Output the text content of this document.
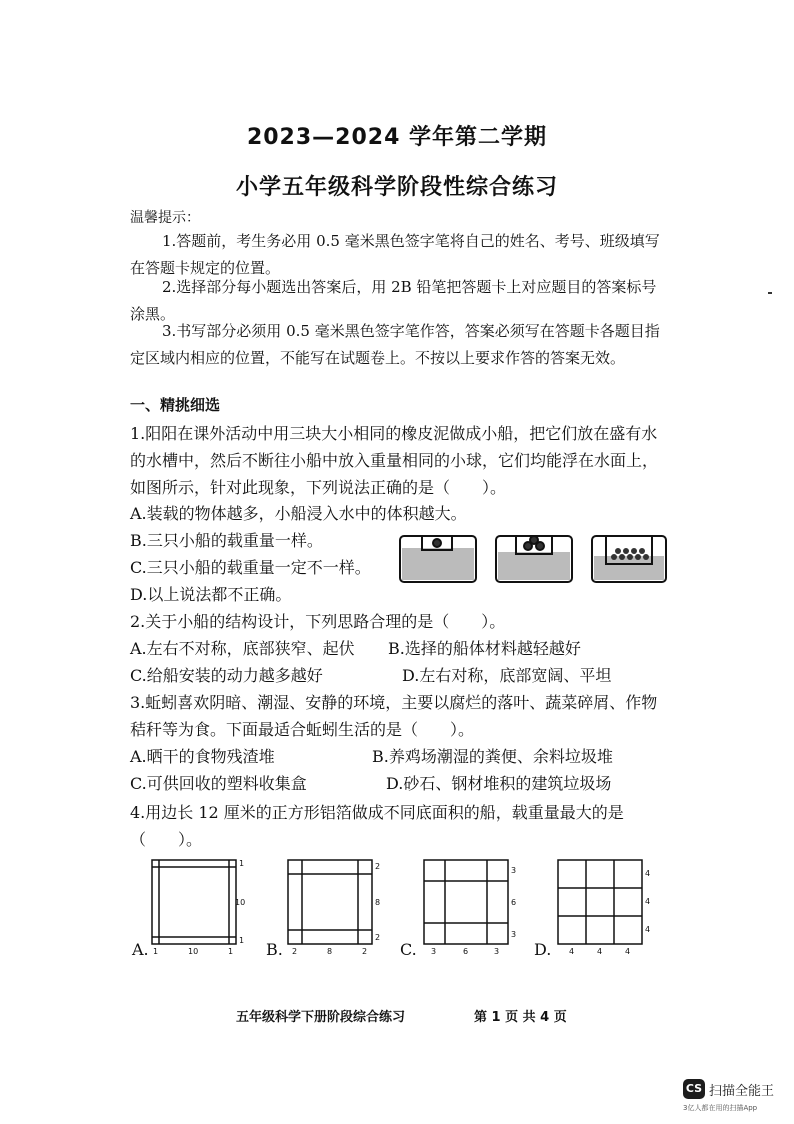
2023—2024 学年第二学期
小学五年级科学阶段性综合练习
温馨提示：
1.答题前，考生务必用 0.5 毫米黑色签字笔将自己的姓名、考号、班级填写在答题卡规定的位置。
2.选择部分每小题选出答案后，用 2B 铅笔把答题卡上对应题目的答案标号涂黑。
3.书写部分必须用 0.5 毫米黑色签字笔作答，答案必须写在答题卡各题目指定区域内相应的位置，不能写在试题卷上。不按以上要求作答的答案无效。
一、精挑细选
1.阳阳在课外活动中用三块大小相同的橡皮泥做成小船，把它们放在盛有水的水槽中，然后不断往小船中放入重量相同的小球，它们均能浮在水面上，如图所示，针对此现象，下列说法正确的是（　　）。
A.装载的物体越多，小船浸入水中的体积越大。
B.三只小船的载重量一样。
C.三只小船的载重量一定不一样。
D.以上说法都不正确。
2.关于小船的结构设计，下列思路合理的是（　　）。
A.左右不对称，底部狭窄、起伏 B.选择的船体材料越轻越好
C.给船安装的动力越多越好	D.左右对称，底部宽阔、平坦
3.蚯蚓喜欢阴暗、潮湿、安静的环境，主要以腐烂的落叶、蔬菜碎屑、作物秸秆等为食。下面最适合蚯蚓生活的是（　　）。
A.晒干的食物残渣堆	B.养鸡场潮湿的粪便、余料垃圾堆
C.可供回收的塑料收集盒	D.砂石、钢材堆积的建筑垃圾场
4.用边长 12 厘米的正方形铝箔做成不同底面积的船，载重量最大的是（　　）。
A.	B.	C.	D.
1
10
1
1	10	1
2
8
2
2	8	2
3
6
3
3	6	3
4
4
4
4	4	4
五年级科学下册阶段综合练习	第 1 页 共 4 页
CS 扫描全能王
3亿人都在用的扫描App
